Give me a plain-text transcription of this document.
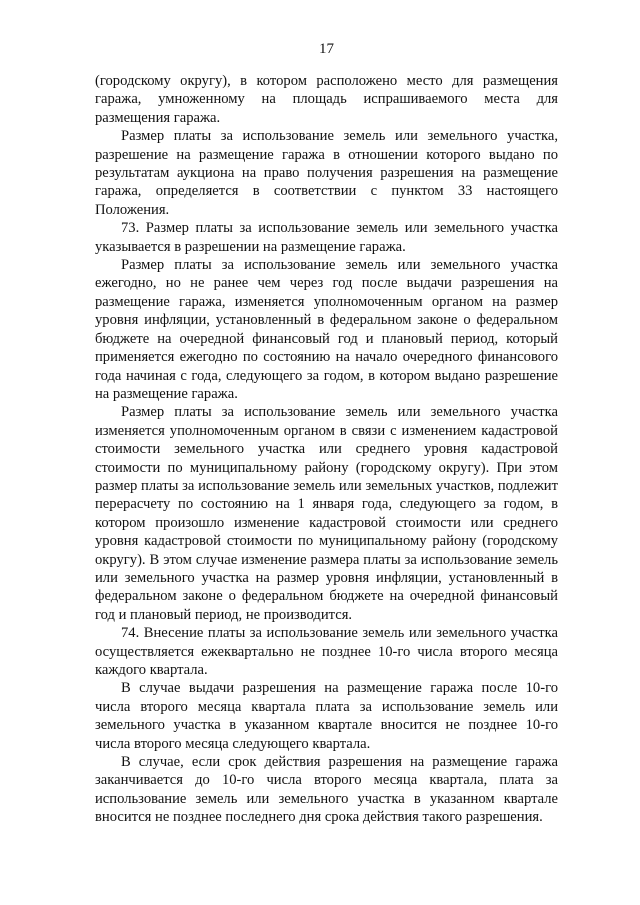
17

(городскому округу), в котором расположено место для размещения гаража, умноженному на площадь испрашиваемого места для размещения гаража.

Размер платы за использование земель или земельного участка, разрешение на размещение гаража в отношении которого выдано по результатам аукциона на право получения разрешения на размещение гаража, определяется в соответствии с пунктом 33 настоящего Положения.

73. Размер платы за использование земель или земельного участка указывается в разрешении на размещение гаража.

Размер платы за использование земель или земельного участка ежегодно, но не ранее чем через год после выдачи разрешения на размещение гаража, изменяется уполномоченным органом на размер уровня инфляции, установленный в федеральном законе о федеральном бюджете на очередной финансовый год и плановый период, который применяется ежегодно по состоянию на начало очередного финансового года начиная с года, следующего за годом, в котором выдано разрешение на размещение гаража.

Размер платы за использование земель или земельного участка изменяется уполномоченным органом в связи с изменением кадастровой стоимости земельного участка или среднего уровня кадастровой стоимости по муниципальному району (городскому округу). При этом размер платы за использование земель или земельных участков, подлежит перерасчету по состоянию на 1 января года, следующего за годом, в котором произошло изменение кадастровой стоимости или среднего уровня кадастровой стоимости по муниципальному району (городскому округу). В этом случае изменение размера платы за использование земель или земельного участка на размер уровня инфляции, установленный в федеральном законе о федеральном бюджете на очередной финансовый год и плановый период, не производится.

74. Внесение платы за использование земель или земельного участка осуществляется ежеквартально не позднее 10-го числа второго месяца каждого квартала.

В случае выдачи разрешения на размещение гаража после 10-го числа второго месяца квартала плата за использование земель или земельного участка в указанном квартале вносится не позднее 10-го числа второго месяца следующего квартала.

В случае, если срок действия разрешения на размещение гаража заканчивается до 10-го числа второго месяца квартала, плата за использование земель или земельного участка в указанном квартале вносится не позднее последнего дня срока действия такого разрешения.
